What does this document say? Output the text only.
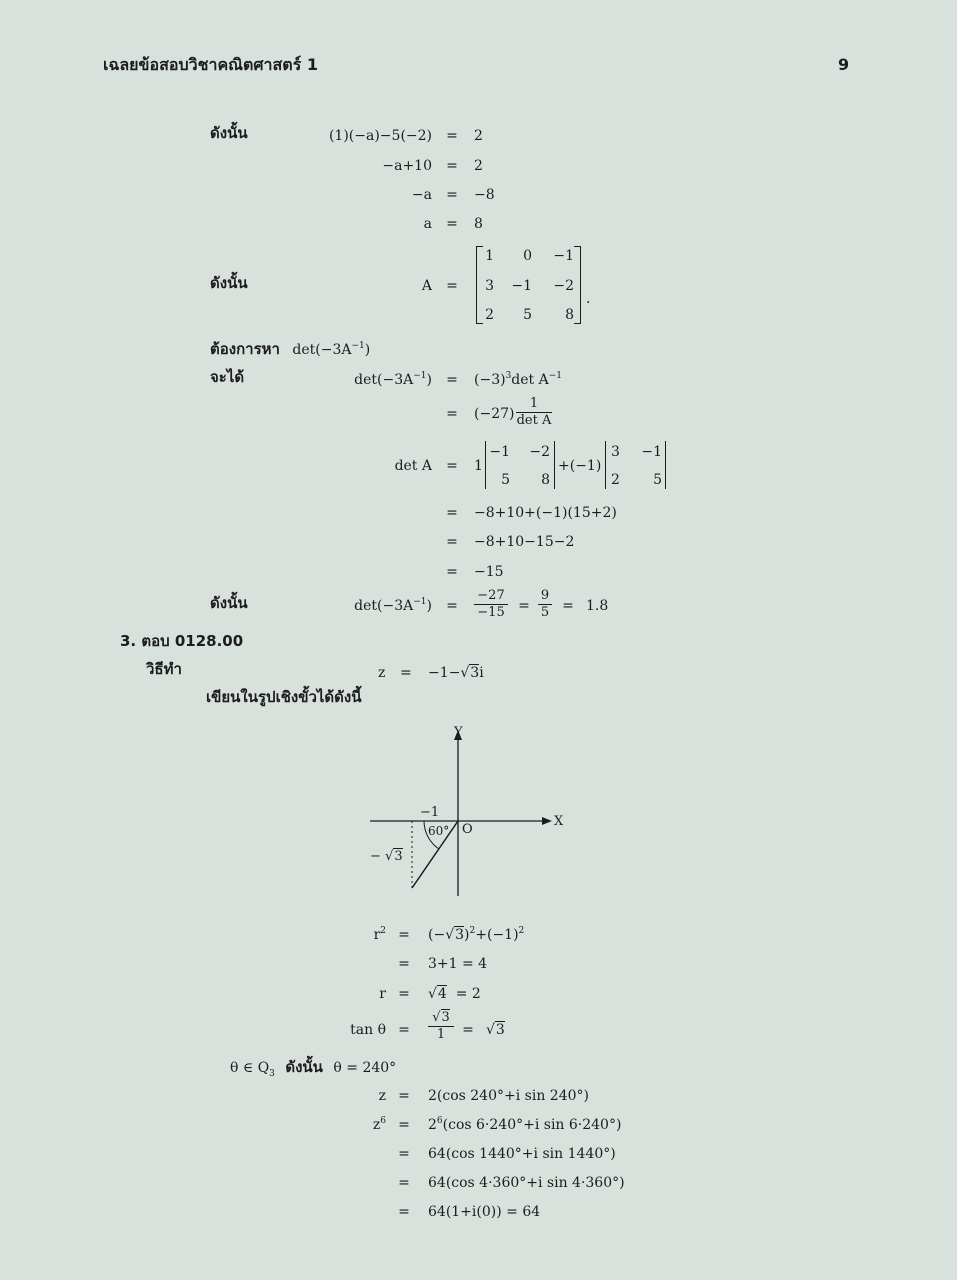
เฉลยข้อสอบวิชาคณิตศาสตร์ 1	9
ดังนั้น	(1)(−a)−5(−2) = 2
−a+10 = 2
−a = −8
a = 8
ดังนั้น	A =
1	0 −1
3 −1 −2
2	5	8
.
ต้องการหา $\det(-3A^{-1})$
จะได้	$\det(-3A^{-1}) = (-3)^3\det$ $A^{-1}$
= (−27)
1
det A
det A = 1
−1	−2
5	8
+(−1)
3	−1
2	5
= −8+10+(−1)(15+2)
= −8+10−15−2
= −15
ดังนั้น	$\det(-3A^{-1})$ =
−27
−15 =
9
5 = 1.8
3. ตอบ 0128.00
วิธีทำ	z = −1−√3i
เขียนในรูปเชิงขั้วได้ดังนี้
Y
X
O
−1
60°
− √3
$r^2 = (-√3)^2+(-1)^2$
= 3+1 = 4
r = √4 = 2
tan θ =
√3
1 = √3
θ ∈ $Q_3$ ดังนั้น θ = 240°
z = 2(cos 240°+i sin 240°)
$z^6 = 2^6(\cos$ 6·240°+i sin 6·240°)
= 64(cos 1440°+i sin 1440°)
= 64(cos 4·360°+i sin 4·360°)
= 64(1+i(0)) = 64
